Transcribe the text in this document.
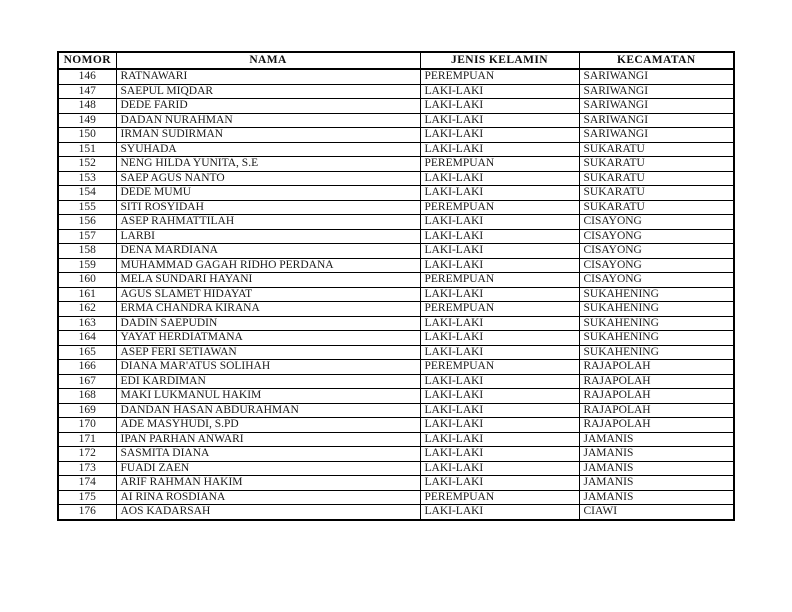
NOMOR	NAMA	JENIS KELAMIN	KECAMATAN
146	RATNAWARI	PEREMPUAN	SARIWANGI
147	SAEPUL MIQDAR	LAKI-LAKI	SARIWANGI
148	DEDE FARID	LAKI-LAKI	SARIWANGI
149	DADAN NURAHMAN	LAKI-LAKI	SARIWANGI
150	IRMAN SUDIRMAN	LAKI-LAKI	SARIWANGI
151	SYUHADA	LAKI-LAKI	SUKARATU
152	NENG HILDA YUNITA, S.E	PEREMPUAN	SUKARATU
153	SAEP AGUS NANTO	LAKI-LAKI	SUKARATU
154	DEDE MUMU	LAKI-LAKI	SUKARATU
155	SITI ROSYIDAH	PEREMPUAN	SUKARATU
156	ASEP RAHMATTILAH	LAKI-LAKI	CISAYONG
157	LARBI	LAKI-LAKI	CISAYONG
158	DENA MARDIANA	LAKI-LAKI	CISAYONG
159	MUHAMMAD GAGAH RIDHO PERDANA	LAKI-LAKI	CISAYONG
160	MELA SUNDARI HAYANI	PEREMPUAN	CISAYONG
161	AGUS SLAMET HIDAYAT	LAKI-LAKI	SUKAHENING
162	ERMA CHANDRA KIRANA	PEREMPUAN	SUKAHENING
163	DADIN SAEPUDIN	LAKI-LAKI	SUKAHENING
164	YAYAT HERDIATMANA	LAKI-LAKI	SUKAHENING
165	ASEP FERI SETIAWAN	LAKI-LAKI	SUKAHENING
166	DIANA MAR'ATUS SOLIHAH	PEREMPUAN	RAJAPOLAH
167	EDI KARDIMAN	LAKI-LAKI	RAJAPOLAH
168	MAKI LUKMANUL HAKIM	LAKI-LAKI	RAJAPOLAH
169	DANDAN HASAN ABDURAHMAN	LAKI-LAKI	RAJAPOLAH
170	ADE MASYHUDI, S.PD	LAKI-LAKI	RAJAPOLAH
171	IPAN PARHAN ANWARI	LAKI-LAKI	JAMANIS
172	SASMITA DIANA	LAKI-LAKI	JAMANIS
173	FUADI ZAEN	LAKI-LAKI	JAMANIS
174	ARIF RAHMAN HAKIM	LAKI-LAKI	JAMANIS
175	AI RINA ROSDIANA	PEREMPUAN	JAMANIS
176	AOS KADARSAH	LAKI-LAKI	CIAWI
